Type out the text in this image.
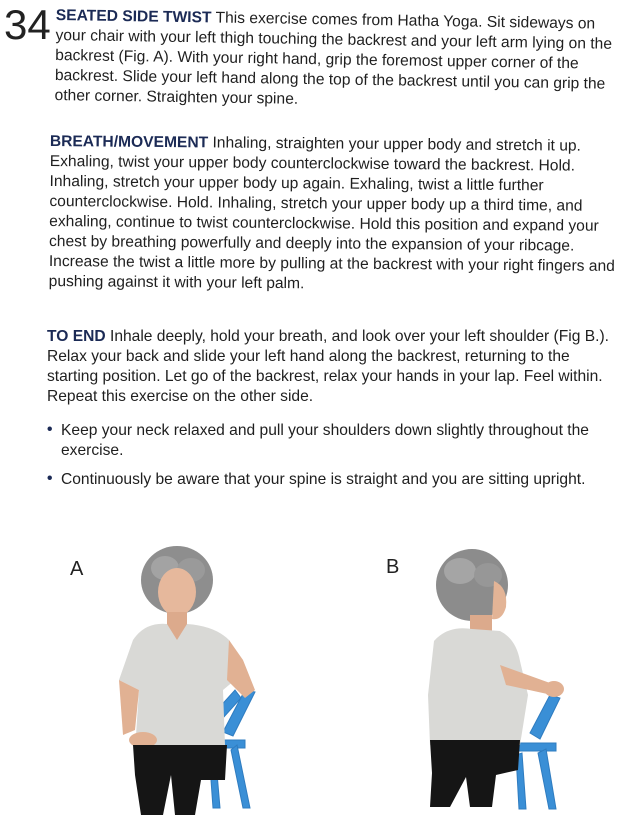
34 SEATED SIDE TWIST This exercise comes from Hatha Yoga. Sit sideways on your chair with your left thigh touching the backrest and your left arm lying on the backrest (Fig. A). With your right hand, grip the foremost upper corner of the backrest. Slide your left hand along the top of the backrest until you can grip the other corner. Straighten your spine.
BREATH/MOVEMENT Inhaling, straighten your upper body and stretch it up. Exhaling, twist your upper body counterclockwise toward the backrest. Hold. Inhaling, stretch your upper body up again. Exhaling, twist a little further counterclockwise. Hold. Inhaling, stretch your upper body up a third time, and exhaling, continue to twist counterclockwise. Hold this position and expand your chest by breathing powerfully and deeply into the expansion of your ribcage. Increase the twist a little more by pulling at the backrest with your right fingers and pushing against it with your left palm.
TO END Inhale deeply, hold your breath, and look over your left shoulder (Fig B.). Relax your back and slide your left hand along the backrest, returning to the starting position. Let go of the backrest, relax your hands in your lap. Feel within. Repeat this exercise on the other side.
• Keep your neck relaxed and pull your shoulders down slightly throughout the exercise.
• Continuously be aware that your spine is straight and you are sitting upright.
A	B
